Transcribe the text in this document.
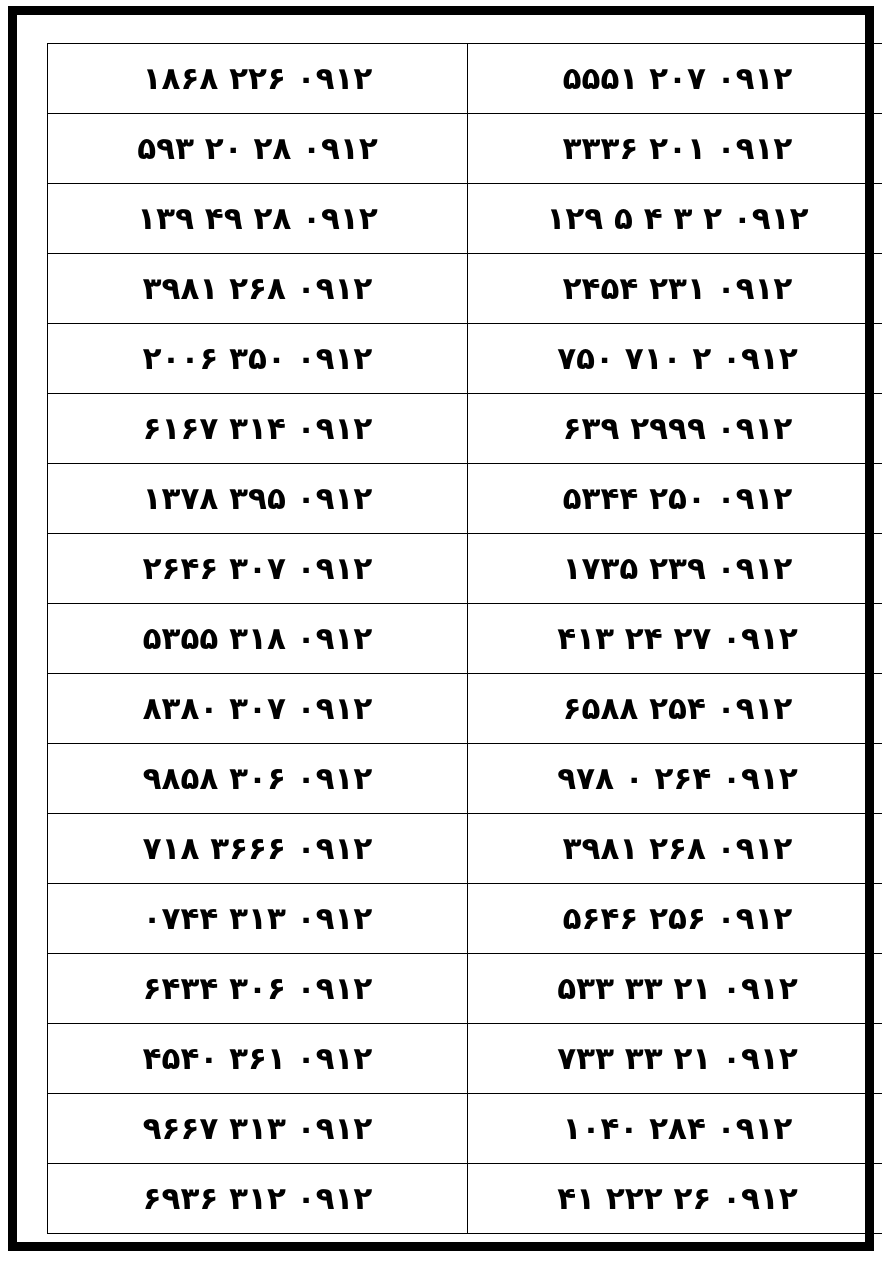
۰۹۱۲ ۲۰۷ ۵۵۵۱	۰۹۱۲ ۲۲۶ ۱۸۶۸
۰۹۱۲ ۲۰۱ ۳۳۳۶	۰۹۱۲ ۲۸ ۲۰ ۵۹۳
۰۹۱۲ ۲ ۳ ۴ ۵ ۱۲۹	۰۹۱۲ ۲۸ ۴۹ ۱۳۹
۰۹۱۲ ۲۳۱ ۲۴۵۴	۰۹۱۲ ۲۶۸ ۳۹۸۱
۰۹۱۲ ۲ ۷۱۰ ۷۵۰	۰۹۱۲ ۳۵۰ ۲۰۰۶
۰۹۱۲ ۲۹۹۹ ۶۳۹	۰۹۱۲ ۳۱۴ ۶۱۶۷
۰۹۱۲ ۲۵۰ ۵۳۴۴	۰۹۱۲ ۳۹۵ ۱۳۷۸
۰۹۱۲ ۲۳۹ ۱۷۳۵	۰۹۱۲ ۳۰۷ ۲۶۴۶
۰۹۱۲ ۲۷ ۲۴ ۴۱۳	۰۹۱۲ ۳۱۸ ۵۳۵۵
۰۹۱۲ ۲۵۴ ۶۵۸۸	۰۹۱۲ ۳۰۷ ۸۳۸۰
۰۹۱۲ ۲۶۴ ۰ ۹۷۸	۰۹۱۲ ۳۰۶ ۹۸۵۸
۰۹۱۲ ۲۶۸ ۳۹۸۱	۰۹۱۲ ۳۶۶۶ ۷۱۸
۰۹۱۲ ۲۵۶ ۵۶۴۶	۰۹۱۲ ۳۱۳ ۰۷۴۴
۰۹۱۲ ۲۱ ۳۳ ۵۳۳	۰۹۱۲ ۳۰۶ ۶۴۳۴
۰۹۱۲ ۲۱ ۳۳ ۷۳۳	۰۹۱۲ ۳۶۱ ۴۵۴۰
۰۹۱۲ ۲۸۴ ۱۰۴۰	۰۹۱۲ ۳۱۳ ۹۶۶۷
۰۹۱۲ ۲۶ ۲۲۲ ۴۱	۰۹۱۲ ۳۱۲ ۶۹۳۶
